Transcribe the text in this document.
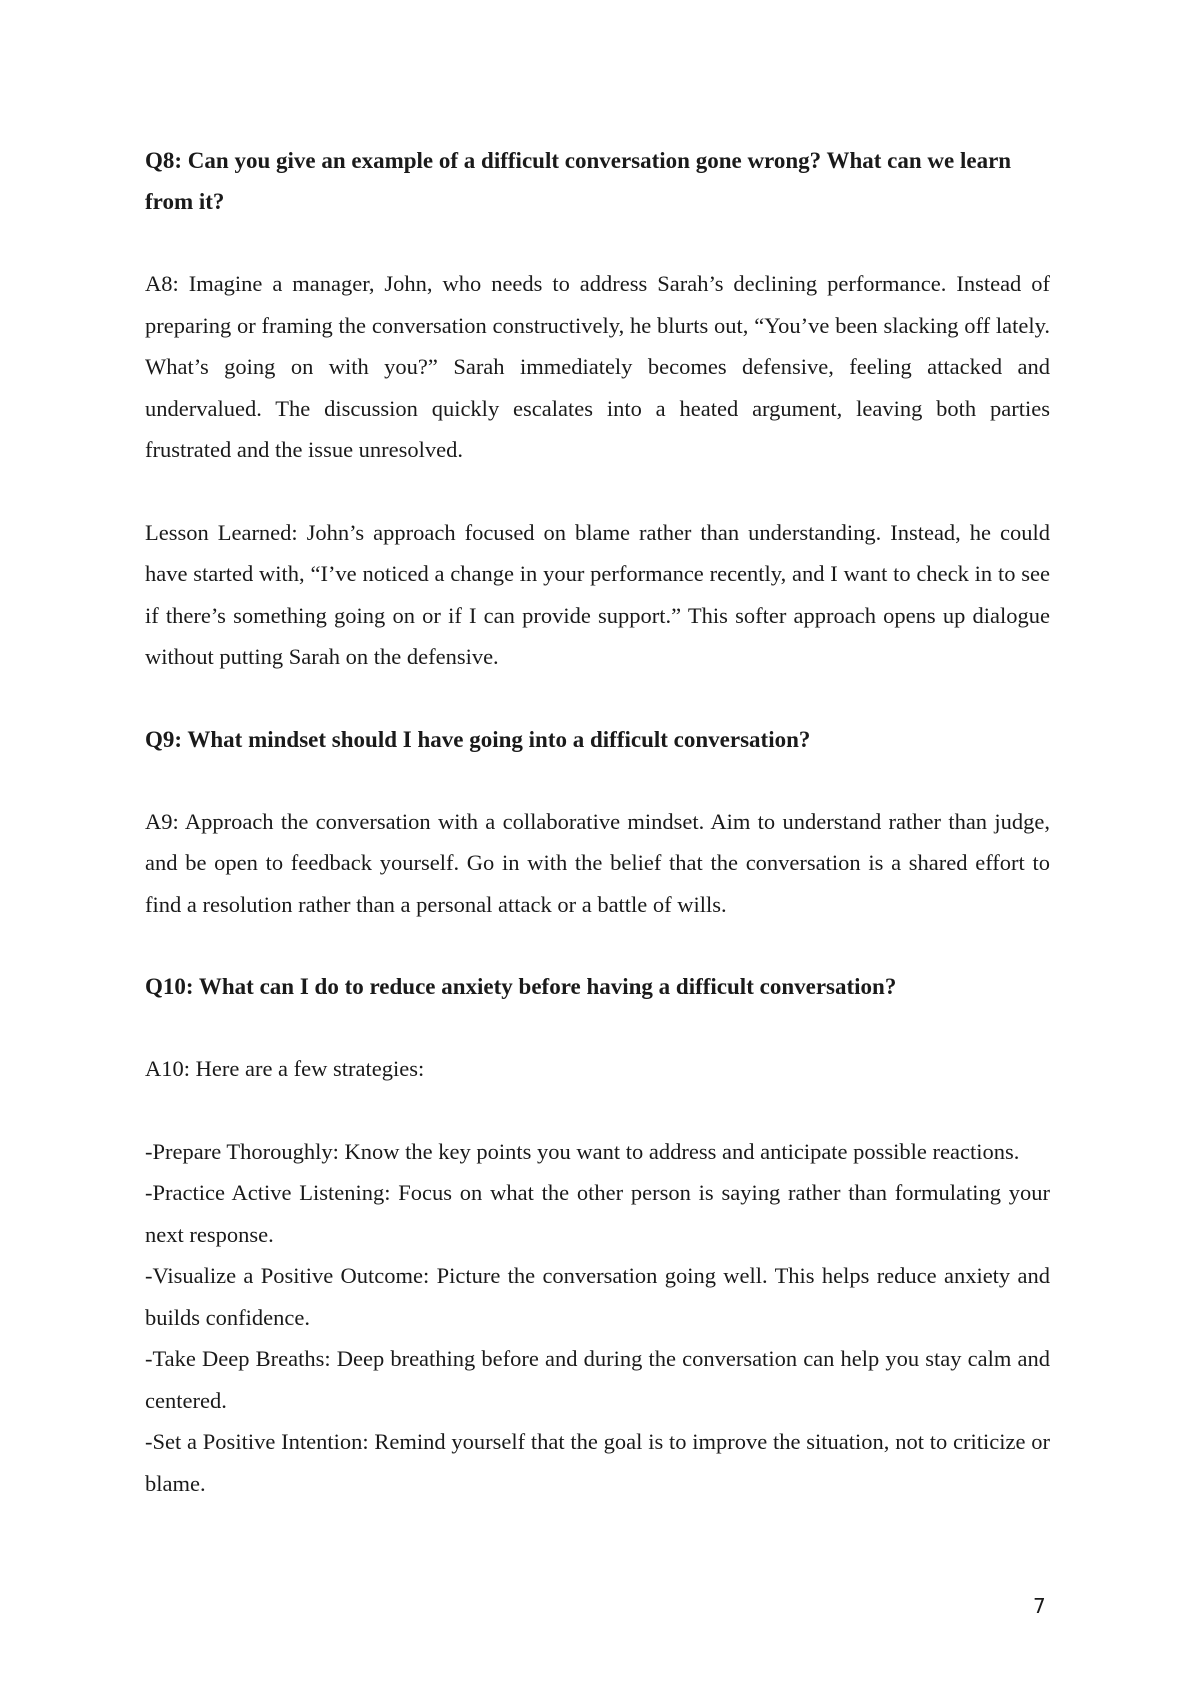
Q8: Can you give an example of a difficult conversation gone wrong? What can we learn from it?

A8: Imagine a manager, John, who needs to address Sarah’s declining performance. Instead of preparing or framing the conversation constructively, he blurts out, “You’ve been slacking off lately. What’s going on with you?” Sarah immediately becomes defensive, feeling attacked and undervalued. The discussion quickly escalates into a heated argument, leaving both parties frustrated and the issue unresolved.

Lesson Learned: John’s approach focused on blame rather than understanding. Instead, he could have started with, “I’ve noticed a change in your performance recently, and I want to check in to see if there’s something going on or if I can provide support.” This softer approach opens up dialogue without putting Sarah on the defensive.

Q9: What mindset should I have going into a difficult conversation?

A9: Approach the conversation with a collaborative mindset. Aim to understand rather than judge, and be open to feedback yourself. Go in with the belief that the conversation is a shared effort to find a resolution rather than a personal attack or a battle of wills.

Q10: What can I do to reduce anxiety before having a difficult conversation?

A10: Here are a few strategies:

-Prepare Thoroughly: Know the key points you want to address and anticipate possible reactions.
-Practice Active Listening: Focus on what the other person is saying rather than formulating your next response.
-Visualize a Positive Outcome: Picture the conversation going well. This helps reduce anxiety and builds confidence.
-Take Deep Breaths: Deep breathing before and during the conversation can help you stay calm and centered.
-Set a Positive Intention: Remind yourself that the goal is to improve the situation, not to criticize or blame.
7
